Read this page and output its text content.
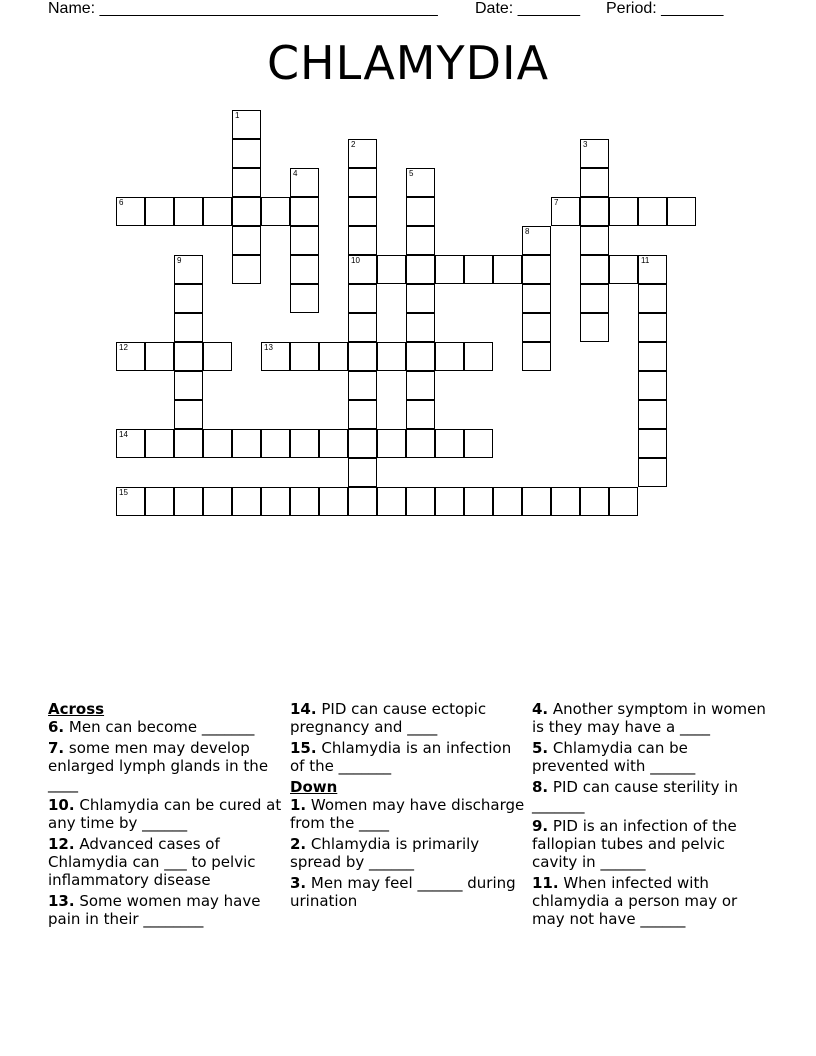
Name: ______________________________________

Date: _______

Period: _______

CHLAMYDIA
1
2	3
4	5
6	7
8
9	10	11
12	13
14
15
Across
6. Men can become _______
7. some men may develop enlarged lymph glands in the ____
10. Chlamydia can be cured at any time by ______
12. Advanced cases of Chlamydia can ___ to pelvic inflammatory disease
13. Some women may have pain in their ________
14. PID can cause ectopic pregnancy and ____
15. Chlamydia is an infection of the _______
Down
1. Women may have discharge from the ____
2. Chlamydia is primarily spread by ______
3. Men may feel ______ during urination
4. Another symptom in women is they may have a ____
5. Chlamydia can be prevented with ______
8. PID can cause sterility in _______
9. PID is an infection of the fallopian tubes and pelvic cavity in ______
11. When infected with chlamydia a person may or may not have ______
